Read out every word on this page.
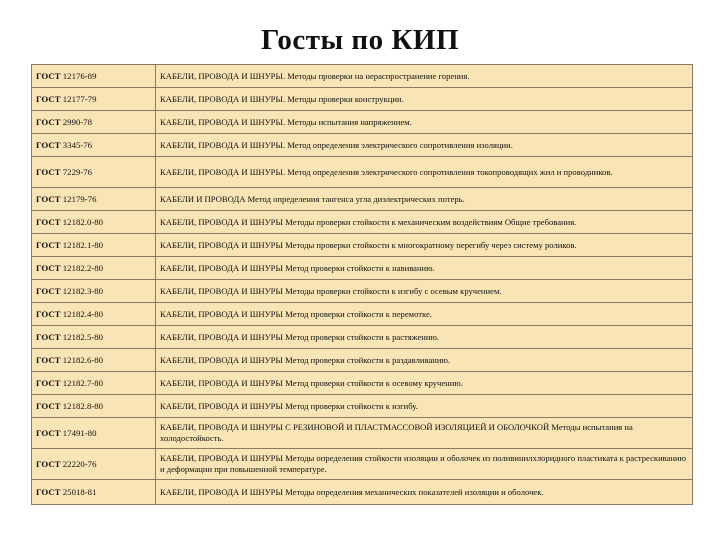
Госты по КИП
ГОСТ 12176-89	КАБЕЛИ, ПРОВОДА И ШНУРЫ. Методы проверки на нераспространение горения.
ГОСТ 12177-79	КАБЕЛИ, ПРОВОДА И ШНУРЫ. Методы проверки конструкции.
ГОСТ 2990-78	КАБЕЛИ, ПРОВОДА И ШНУРЫ. Методы испытания напряжением.
ГОСТ 3345-76	КАБЕЛИ, ПРОВОДА И ШНУРЫ. Метод определения электрического сопротивления изоляции.
ГОСТ 7229-76	КАБЕЛИ, ПРОВОДА И ШНУРЫ. Метод определения электрического сопротивления токопроводящих жил и проводников.
ГОСТ 12179-76	КАБЕЛИ И ПРОВОДА Метод определения тангенса угла диэлектрических потерь.
ГОСТ 12182.0-80	КАБЕЛИ, ПРОВОДА И ШНУРЫ Методы проверки стойкости к механическим воздействиям Общие требования.
ГОСТ 12182.1-80	КАБЕЛИ, ПРОВОДА И ШНУРЫ Методы проверки стойкости к многократному перегибу через систему роликов.
ГОСТ 12182.2-80	КАБЕЛИ, ПРОВОДА И ШНУРЫ Метод проверки стойкости к навиванию.
ГОСТ 12182.3-80	КАБЕЛИ, ПРОВОДА И ШНУРЫ Методы проверки стойкости к изгибу с осевым кручением.
ГОСТ 12182.4-80	КАБЕЛИ, ПРОВОДА И ШНУРЫ Метод проверки стойкости к перемотке.
ГОСТ 12182.5-80	КАБЕЛИ, ПРОВОДА И ШНУРЫ Метод проверки стойкости к растяжению.
ГОСТ 12182.6-80	КАБЕЛИ, ПРОВОДА И ШНУРЫ Метод проверки стойкости к раздавливанию.
ГОСТ 12182.7-80	КАБЕЛИ, ПРОВОДА И ШНУРЫ Метод проверки стойкости к осевому кручению.
ГОСТ 12182.8-80	КАБЕЛИ, ПРОВОДА И ШНУРЫ Метод проверки стойкости к изгибу.
ГОСТ 17491-80	КАБЕЛИ, ПРОВОДА И ШНУРЫ С РЕЗИНОВОЙ И ПЛАСТМАССОВОЙ ИЗОЛЯЦИЕЙ И ОБОЛОЧКОЙ Методы испытания на холодостойкость.
ГОСТ 22220-76	КАБЕЛИ, ПРОВОДА И ШНУРЫ Методы определения стойкости изоляции и оболочек из поливинилхлоридного пластиката к растрескиванию и деформации при повышенной температуре.
ГОСТ 25018-81	КАБЕЛИ, ПРОВОДА И ШНУРЫ Методы определения механических показателей изоляции и оболочек.
